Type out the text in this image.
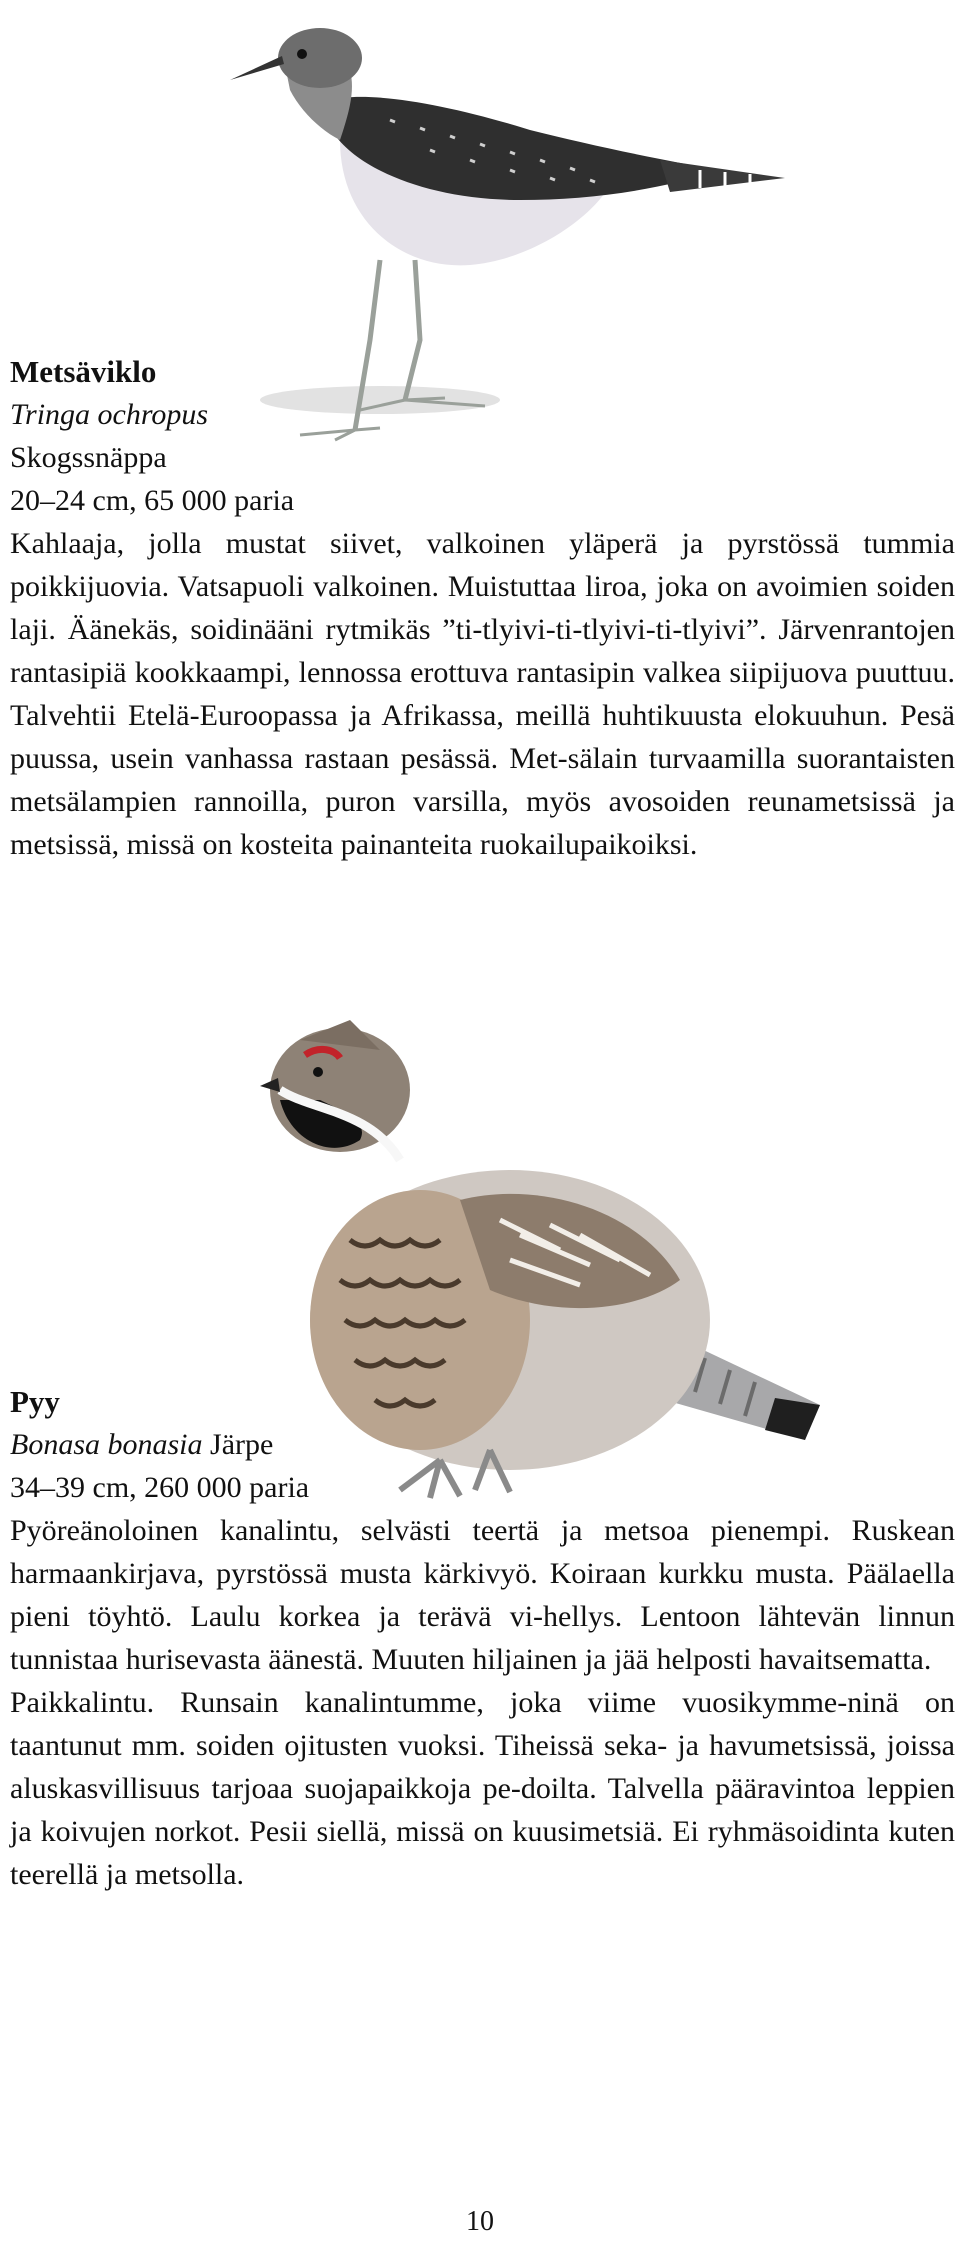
Metsäviklo

Tringa ochropus

Skogssnäppa

20–24 cm, 65 000 paria

Kahlaaja, jolla mustat siivet, valkoinen yläperä ja pyrstössä tummia poikkijuovia. Vatsapuoli valkoinen. Muistuttaa liroa, joka on avoimien soiden laji. Äänekäs, soidinääni rytmikäs ”ti-tlyivi-ti-tlyivi-ti-tlyivi”. Järvenrantojen rantasipiä kookkaampi, lennossa erottuva rantasipin valkea siipijuova puuttuu. Talvehtii Etelä-Euroopassa ja Afrikassa, meillä huhtikuusta elokuuhun. Pesä puussa, usein vanhassa rastaan pesässä. Met-sälain turvaamilla suorantaisten metsälampien rannoilla, puron varsilla, myös avosoiden reunametsissä ja metsissä, missä on kosteita painanteita ruokailupaikoiksi.

Pyy

Bonasa bonasia Järpe

34–39 cm, 260 000 paria

Pyöreänoloinen kanalintu, selvästi teertä ja metsoa pienempi. Ruskean harmaankirjava, pyrstössä musta kärkivyö. Koiraan kurkku musta. Päälaella pieni töyhtö. Laulu korkea ja terävä vi-hellys. Lentoon lähtevän linnun tunnistaa hurisevasta äänestä. Muuten hiljainen ja jää helposti havaitsematta.

Paikkalintu. Runsain kanalintumme, joka viime vuosikymme-ninä on taantunut mm. soiden ojitusten vuoksi. Tiheissä seka- ja havumetsissä, joissa aluskasvillisuus tarjoaa suojapaikkoja pe-doilta. Talvella pääravintoa leppien ja koivujen norkot. Pesii siellä, missä on kuusimetsiä. Ei ryhmäsoidinta kuten teerellä ja metsolla.

10
